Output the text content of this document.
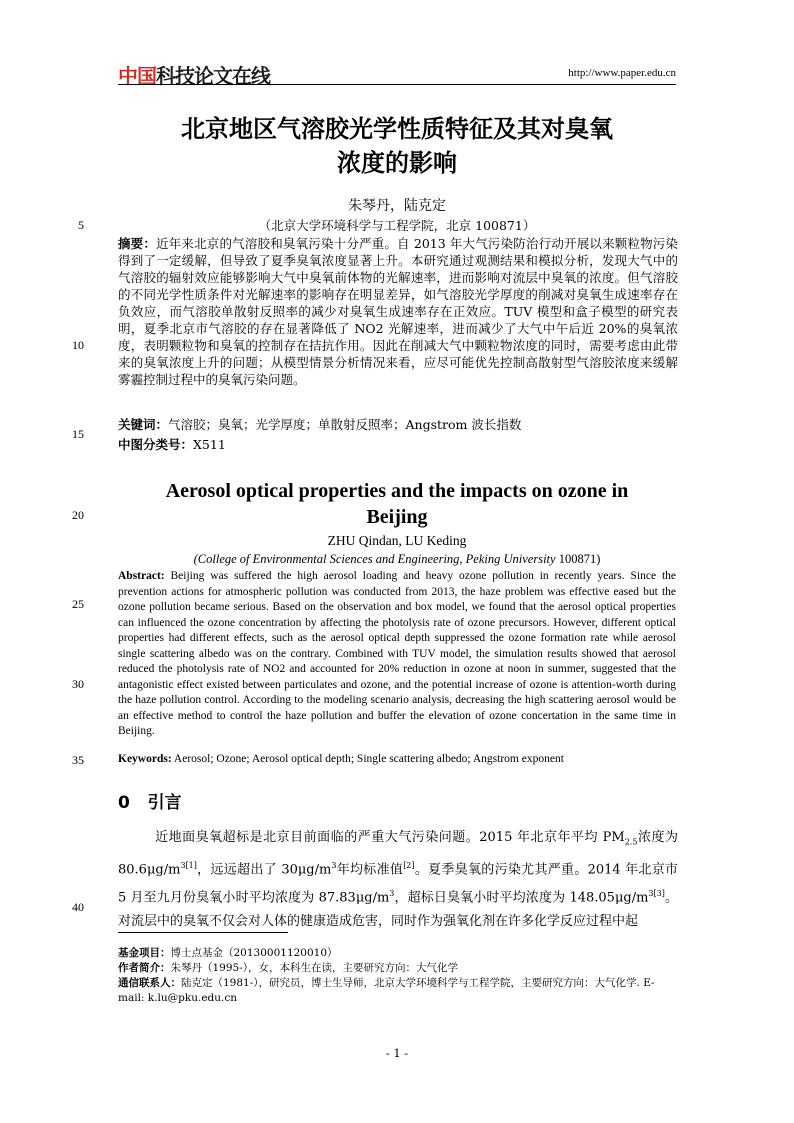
中国科技论文在线	http://www.paper.edu.cn
5
10
15
20
25
30
35
40
北京地区气溶胶光学性质特征及其对臭氧
浓度的影响
朱琴丹，陆克定
（北京大学环境科学与工程学院，北京 100871）
摘要：近年来北京的气溶胶和臭氧污染十分严重。自 2013 年大气污染防治行动开展以来颗粒物污染得到了一定缓解，但导致了夏季臭氧浓度显著上升。本研究通过观测结果和模拟分析，发现大气中的气溶胶的辐射效应能够影响大气中臭氧前体物的光解速率，进而影响对流层中臭氧的浓度。但气溶胶的不同光学性质条件对光解速率的影响存在明显差异，如气溶胶光学厚度的削减对臭氧生成速率存在负效应，而气溶胶单散射反照率的减少对臭氧生成速率存在正效应。TUV 模型和盒子模型的研究表明，夏季北京市气溶胶的存在显著降低了 NO2 光解速率，进而减少了大气中午后近 20%的臭氧浓度，表明颗粒物和臭氧的控制存在拮抗作用。因此在削减大气中颗粒物浓度的同时，需要考虑由此带来的臭氧浓度上升的问题；从模型情景分析情况来看，应尽可能优先控制高散射型气溶胶浓度来缓解雾霾控制过程中的臭氧污染问题。
关键词：气溶胶；臭氧；光学厚度；单散射反照率；Angstrom 波长指数
中图分类号：X511
Aerosol optical properties and the impacts on ozone in
Beijing
ZHU Qindan, LU Keding
(College of Environmental Sciences and Engineering, Peking University 100871)
Abstract: Beijing was suffered the high aerosol loading and heavy ozone pollution in recently years. Since the prevention actions for atmospheric pollution was conducted from 2013, the haze problem was effective eased but the ozone pollution became serious. Based on the observation and box model, we found that the aerosol optical properties can influenced the ozone concentration by affecting the photolysis rate of ozone precursors. However, different optical properties had different effects, such as the aerosol optical depth suppressed the ozone formation rate while aerosol single scattering albedo was on the contrary. Combined with TUV model, the simulation results showed that aerosol reduced the photolysis rate of NO2 and accounted for 20% reduction in ozone at noon in summer, suggested that the antagonistic effect existed between particulates and ozone, and the potential increase of ozone is attention-worth during the haze pollution control. According to the modeling scenario analysis, decreasing the high scattering aerosol would be an effective method to control the haze pollution and buffer the elevation of ozone concertation in the same time in Beijing.
Keywords: Aerosol; Ozone; Aerosol optical depth; Single scattering albedo; Angstrom exponent
0 引言
近地面臭氧超标是北京目前面临的严重大气污染问题。2015 年北京年平均 $PM_{2.5}$浓度为 $80.6\mu g/m^{3[1]}$，远远超出了 $30\mu g/m^3$年均标准值[2]。夏季臭氧的污染尤其严重。2014 年北京市 5 月至九月份臭氧小时平均浓度为 $87.83\mu g/m^3$，超标日臭氧小时平均浓度为 $148.05\mu g/m^{3[3]}$。对流层中的臭氧不仅会对人体的健康造成危害，同时作为强氧化剂在许多化学反应过程中起
基金项目：博士点基金（20130001120010）
作者简介：朱琴丹（1995-），女，本科生在读，主要研究方向：大气化学
通信联系人：陆克定（1981-），研究员，博士生导师，北京大学环境科学与工程学院，主要研究方向：大气化学. E-mail: k.lu@pku.edu.cn
- 1 -
